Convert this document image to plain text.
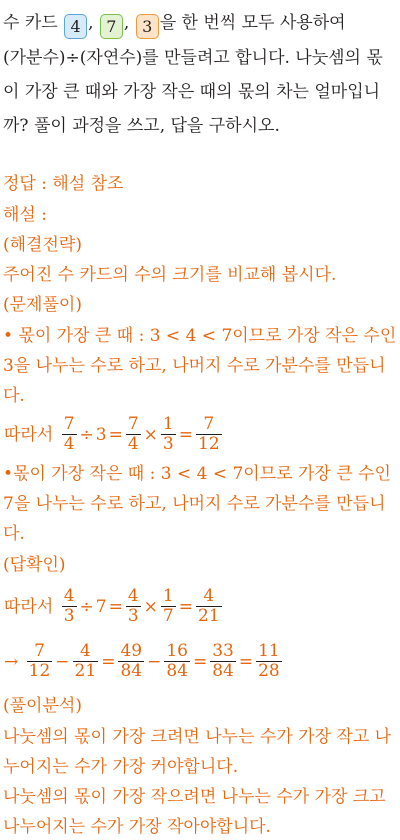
수 카드 4 , 7 , 3 을 한 번씩 모두 사용하여
(가분수)÷(자연수)를 만들려고 합니다. 나눗셈의 몫
이 가장 큰 때와 가장 작은 때의 몫의 차는 얼마입니
까? 풀이 과정을 쓰고, 답을 구하시오.
정답 : 해설 참조
해설 :
(해결전략)
주어진 수 카드의 수의 크기를 비교해 봅시다.
(문제풀이)
• 몫이 가장 큰 때 : 3 < 4 < 7이므로 가장 작은 수인
3을 나누는 수로 하고, 나머지 수로 가분수를 만듭니
다.
따라서 $\frac{7}{4} \div 3 = \frac{7}{4} \times \frac{1}{3} = \frac{7}{12}$
•몫이 가장 작은 때 : 3 < 4 < 7이므로 가장 큰 수인
7을 나누는 수로 하고, 나머지 수로 가분수를 만듭니
다.
(답확인)
따라서 $\frac{4}{3} \div 7 = \frac{4}{3} \times \frac{1}{7} = \frac{4}{21}$
→ $\frac{7}{12} - \frac{4}{21} = \frac{49}{84} - \frac{16}{84} = \frac{33}{84} = \frac{11}{28}$
(풀이분석)
나눗셈의 몫이 가장 크려면 나누는 수가 가장 작고 나
누어지는 수가 가장 커야합니다.
나눗셈의 몫이 가장 작으려면 나누는 수가 가장 크고
나누어지는 수가 가장 작아야합니다.
